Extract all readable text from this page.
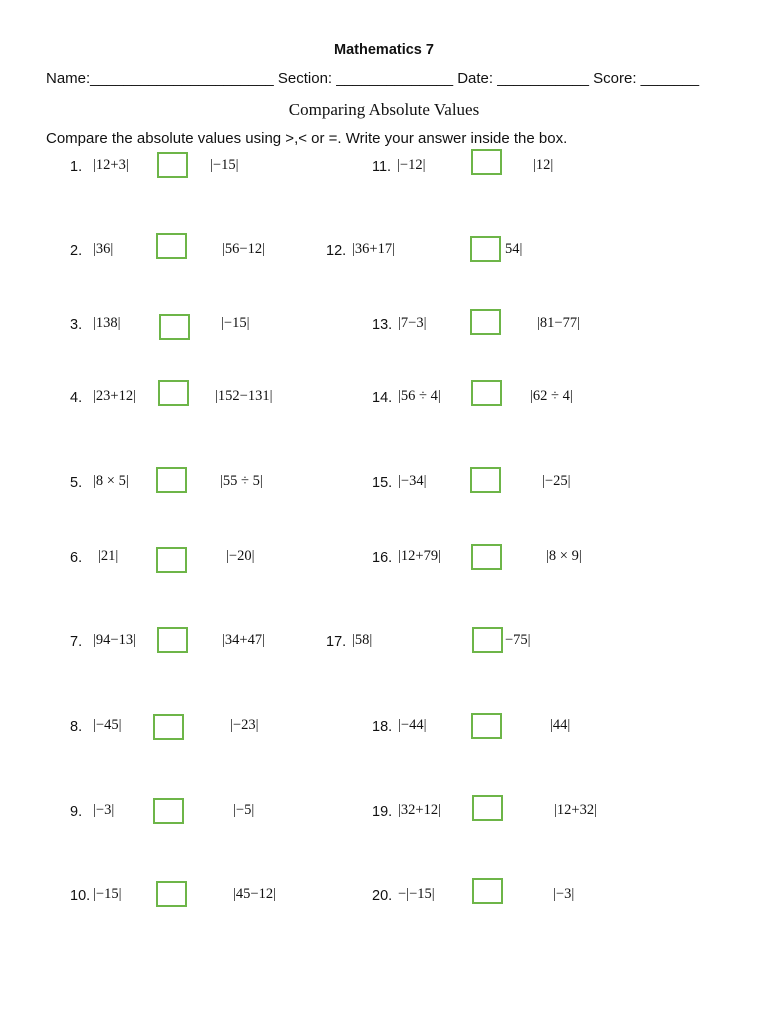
Mathematics 7
Name:______________________ Section: ______________ Date: ___________ Score: _______
Comparing Absolute Values
Compare the absolute values using >,< or =. Write your answer inside the box.
1. |12+3|	|−15|
2. |36|	|56−12|
3. |138|	|−15|
4. |23+12|	|152−131|
5. |8 × 5|	|55 ÷ 5|
6. |21|	|−20|
7. |94−13|	|34+47|
8. |−45|	|−23|
9. |−3|	|−5|
10. |−15|	|45−12|
11. |−12|	|12|
12. |36+17|	54|
13. |7−3|	|81−77|
14. |56 ÷ 4|	|62 ÷ 4|
15. |−34|	|−25|
16. |12+79|	|8 × 9|
17. |58|	−75|
18. |−44|	|44|
19. |32+12|	|12+32|
20. −|−15|	|−3|
